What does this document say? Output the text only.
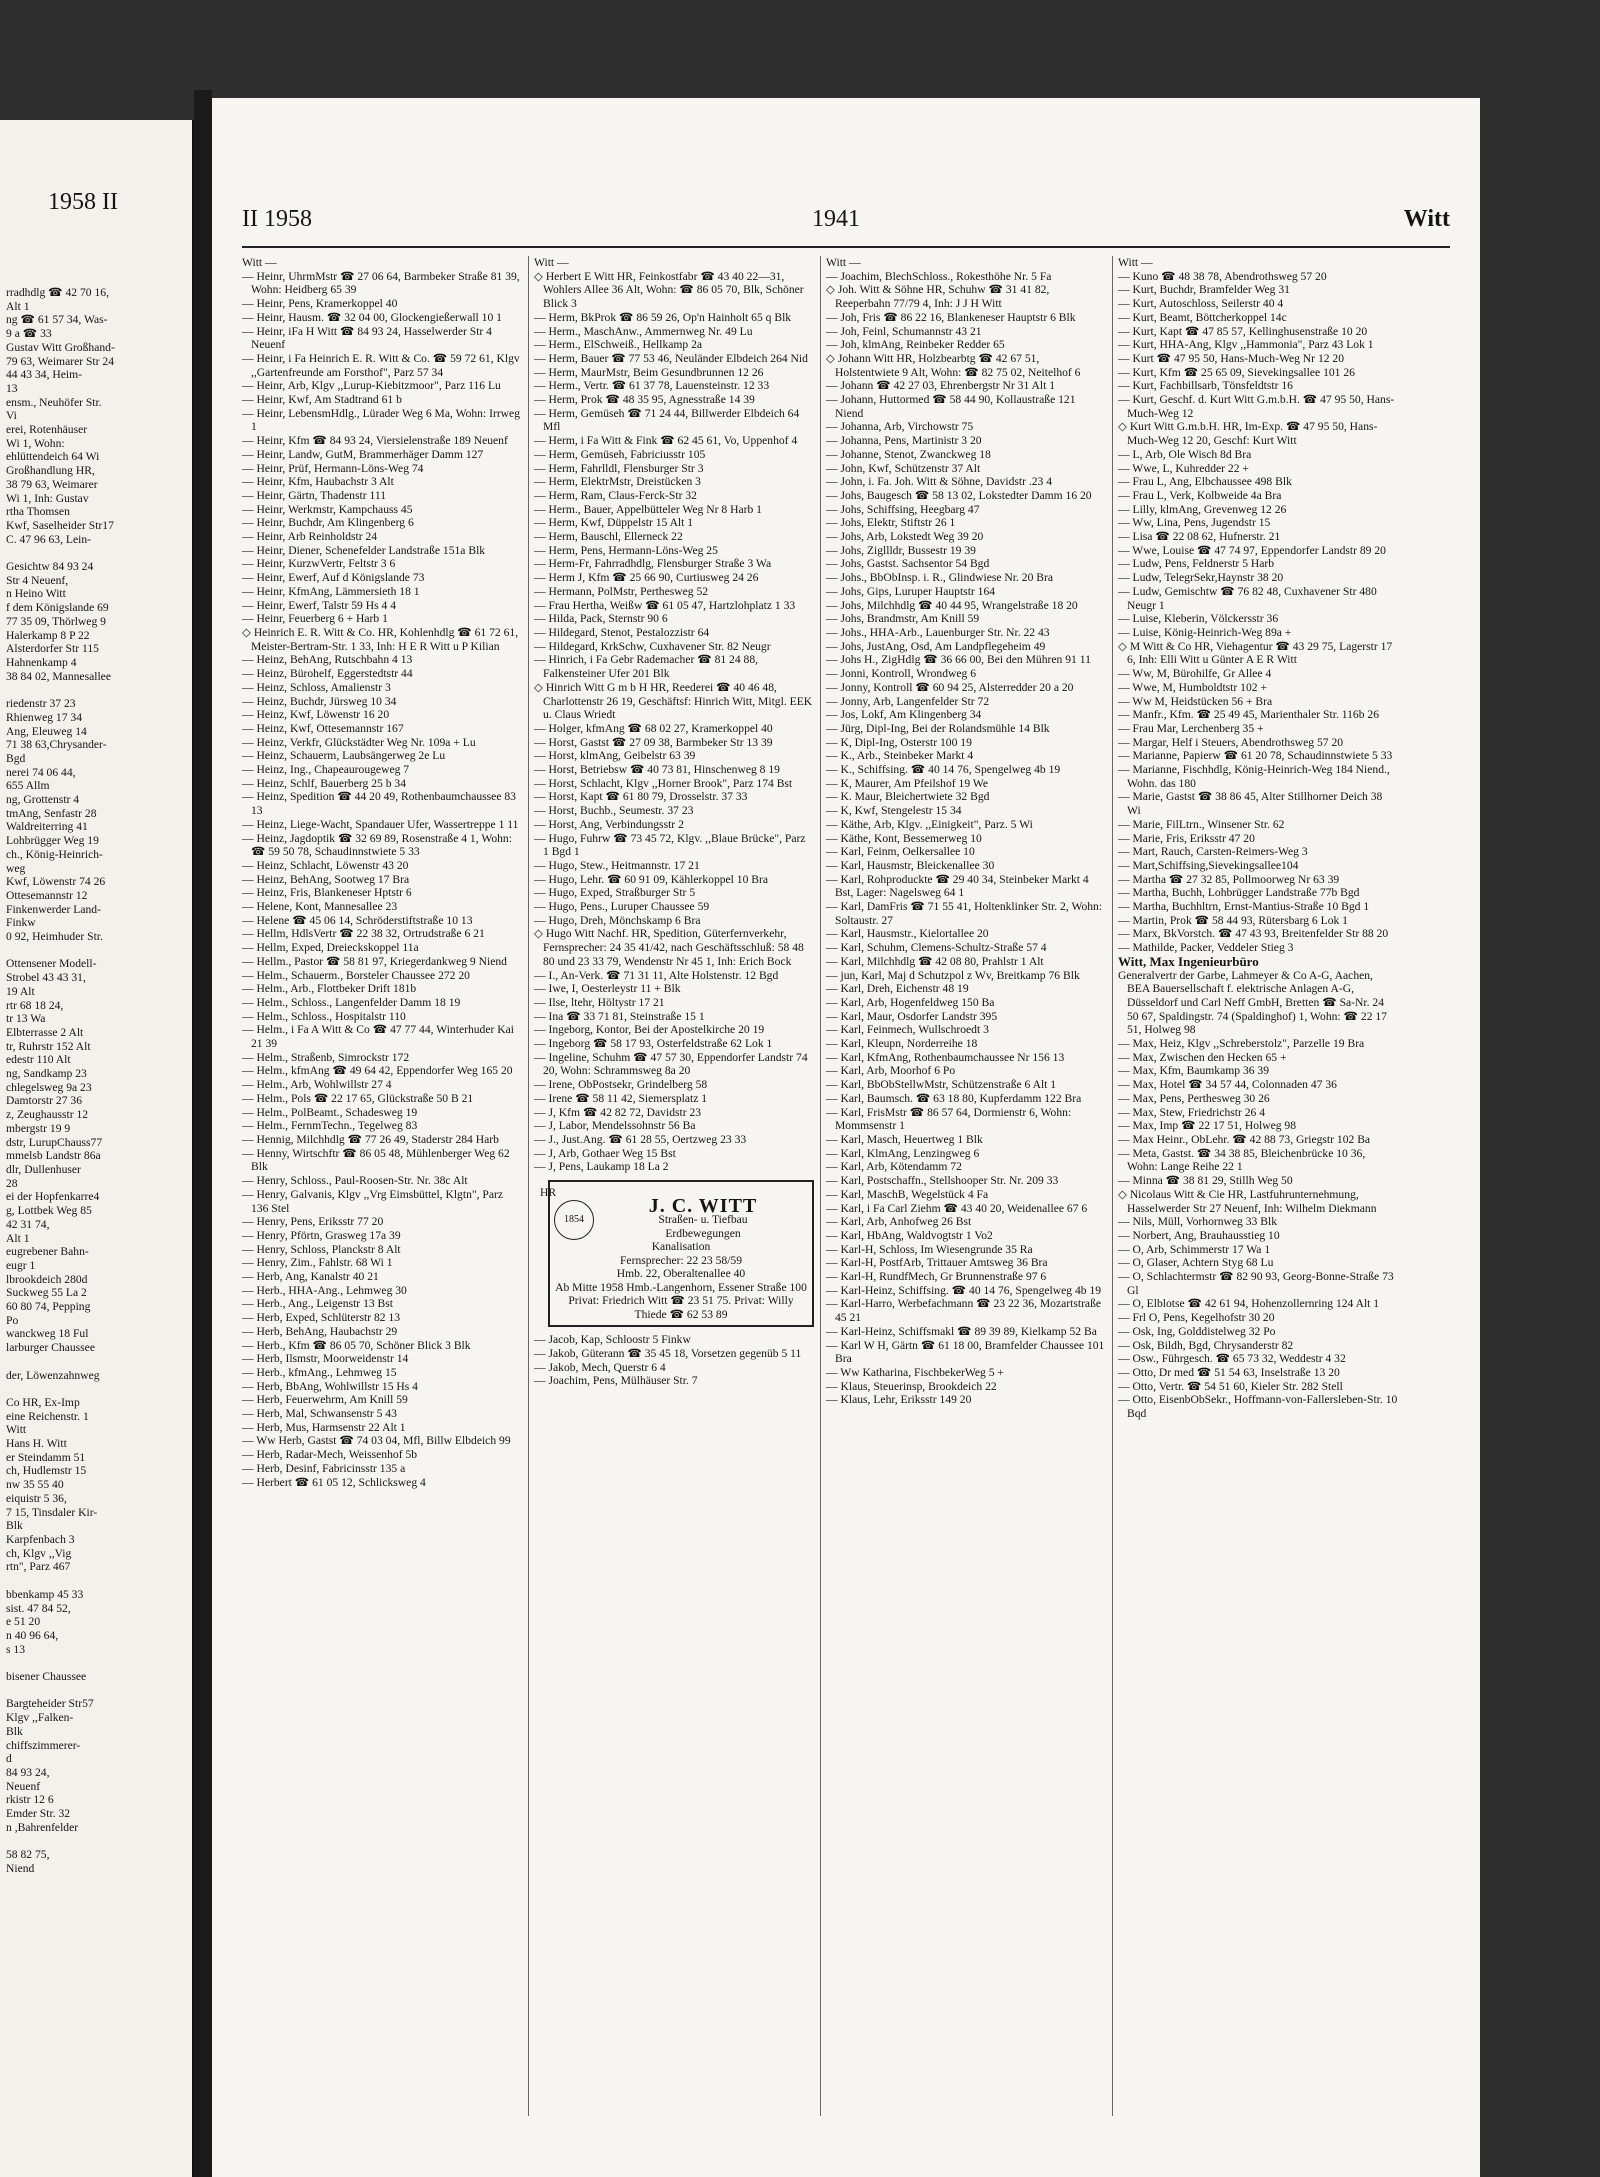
1958 II
rradhdlg ☎ 42 70 16,
Alt 1
ng ☎ 61 57 34, Was-
9 a ☎ 33
Gustav Witt Großhand-
79 63, Weimarer Str 24
44 43 34, Heim-
13
ensm., Neuhöfer Str.
Vi
erei, Rotenhäuser
Wi 1, Wohn:
ehlüttendeich 64 Wi
Großhandlung HR,
38 79 63, Weimarer
Wi 1, Inh: Gustav
rtha Thomsen
Kwf, Saselheider Str17
C. 47 96 63, Lein-

Gesichtw 84 93 24
Str 4 Neuenf,
n Heino Witt
f dem Königslande 69
77 35 09, Thörlweg 9
Halerkamp 8 P 22
Alsterdorfer Str 115
Hahnenkamp 4
38 84 02, Mannesallee

riedenstr 37 23
Rhienweg 17 34
Ang, Eleuweg 14
71 38 63,Chrysander-
Bgd
nerei 74 06 44,
655 Allm
ng, Grottenstr 4
tmAng, Senfastr 28
Waldreiterring 41
Lohbrügger Weg 19
ch., König-Heinrich-
weg
Kwf, Löwenstr 74 26
Ottesemannstr 12
Finkenwerder Land-
Finkw
0 92, Heimhuder Str.

Ottensener Modell-
Strobel 43 43 31,
19 Alt
rtr 68 18 24,
tr 13 Wa
Elbterrasse 2 Alt
tr, Ruhrstr 152 Alt
edestr 110 Alt
ng, Sandkamp 23
chlegelsweg 9a 23
Damtorstr 27 36
z, Zeughausstr 12
mbergstr 19 9
dstr, LurupChauss77
mmelsb Landstr 86a
dlr, Dullenhuser
28
ei der Hopfenkarre4
g, Lottbek Weg 85
42 31 74,
Alt 1
eugrebener Bahn-
eugr 1
lbrookdeich 280d
Suckweg 55 La 2
60 80 74, Pepping
Po
wanckweg 18 Ful
larburger Chaussee

der, Löwenzahnweg

Co HR, Ex-Imp
eine Reichenstr. 1
Witt
Hans H. Witt
er Steindamm 51
ch, Hudlemstr 15
nw 35 55 40
eiquistr 5 36,
7 15, Tinsdaler Kir-
Blk
Karpfenbach 3
ch, Klgv ,,Vig
rtn", Parz 467

bbenkamp 45 33
sist. 47 84 52,
e 51 20
n 40 96 64,
s 13

bisener Chaussee

Bargteheider Str57
Klgv ,,Falken-
Blk
chiffszimmerer-
d
84 93 24,
Neuenf
rkistr 12 6
Emder Str. 32
n ,Bahrenfelder

58 82 75,
Niend
II 1958	1941	Witt

Witt —

— Heinr, UhrmMstr ☎ 27 06 64, Barmbeker Straße 81 39, Wohn: Heidberg 65 39

— Heinr, Pens, Kramerkoppel 40

— Heinr, Hausm. ☎ 32 04 00, Glockengießerwall 10 1

— Heinr, iFa H Witt ☎ 84 93 24, Hasselwerder Str 4 Neuenf

— Heinr, i Fa Heinrich E. R. Witt & Co. ☎ 59 72 61, Klgv ,,Gartenfreunde am Forsthof", Parz 57 34

— Heinr, Arb, Klgv ,,Lurup-Kiebitzmoor", Parz 116 Lu

— Heinr, Kwf, Am Stadtrand 61 b

— Heinr, LebensmHdlg., Lürader Weg 6 Ma, Wohn: Irrweg 1

— Heinr, Kfm ☎ 84 93 24, Viersielenstraße 189 Neuenf

— Heinr, Landw, GutM, Brammerhäger Damm 127

— Heinr, Prüf, Hermann-Löns-Weg 74

— Heinr, Kfm, Haubachstr 3 Alt

— Heinr, Gärtn, Thadenstr 111

— Heinr, Werkmstr, Kampchauss 45

— Heinr, Buchdr, Am Klingenberg 6

— Heinr, Arb Reinholdstr 24

— Heinr, Diener, Schenefelder Landstraße 151a Blk

— Heinr, KurzwVertr, Feltstr 3 6

— Heinr, Ewerf, Auf d Königslande 73

— Heinr, KfmAng, Lämmersieth 18 1

— Heinr, Ewerf, Talstr 59 Hs 4 4

— Heinr, Feuerberg 6 + Harb 1

◇ Heinrich E. R. Witt & Co. HR, Kohlenhdlg ☎ 61 72 61, Meister-Bertram-Str. 1 33, Inh: H E R Witt u P Kilian

— Heinz, BehAng, Rutschbahn 4 13

— Heinz, Bürohelf, Eggerstedtstr 44

— Heinz, Schloss, Amalienstr 3

— Heinz, Buchdr, Jürsweg 10 34

— Heinz, Kwf, Löwenstr 16 20

— Heinz, Kwf, Ottesemannstr 167

— Heinz, Verkfr, Glückstädter Weg Nr. 109a + Lu

— Heinz, Schauerm, Laubsängerweg 2e Lu

— Heinz, Ing., Chapeaurougeweg 7

— Heinz, Schlf, Bauerberg 25 b 34

— Heinz, Spedition ☎ 44 20 49, Rothenbaumchaussee 83 13

— Heinz, Liege-Wacht, Spandauer Ufer, Wassertreppe 1 11

— Heinz, Jagdoptik ☎ 32 69 89, Rosenstraße 4 1, Wohn: ☎ 59 50 78, Schaudinnstwiete 5 33

— Heinz, Schlacht, Löwenstr 43 20

— Heinz, BehAng, Sootweg 17 Bra

— Heinz, Fris, Blankeneser Hptstr 6

— Helene, Kont, Mannesallee 23

— Helene ☎ 45 06 14, Schröderstiftstraße 10 13

— Hellm, HdlsVertr ☎ 22 38 32, Ortrudstraße 6 21

— Hellm, Exped, Dreieckskoppel 11a

— Hellm., Pastor ☎ 58 81 97, Kriegerdankweg 9 Niend

— Helm., Schauerm., Borsteler Chaussee 272 20

— Helm., Arb., Flottbeker Drift 181b

— Helm., Schloss., Langenfelder Damm 18 19

— Helm., Schloss., Hospitalstr 110

— Helm., i Fa A Witt & Co ☎ 47 77 44, Winterhuder Kai 21 39

— Helm., Straßenb, Simrockstr 172

— Helm., kfmAng ☎ 49 64 42, Eppendorfer Weg 165 20

— Helm., Arb, Wohlwillstr 27 4

— Helm., Pols ☎ 22 17 65, Glückstraße 50 B 21

— Helm., PolBeamt., Schadesweg 19

— Helm., FernmTechn., Tegelweg 83

— Hennig, Milchhdlg ☎ 77 26 49, Staderstr 284 Harb

— Henny, Wirtschftr ☎ 86 05 48, Mühlenberger Weg 62 Blk

— Henry, Schloss., Paul-Roosen-Str. Nr. 38c Alt

— Henry, Galvanis, Klgv ,,Vrg Eimsbüttel, Klgtn", Parz 136 Stel

— Henry, Pens, Eriksstr 77 20

— Henry, Pförtn, Grasweg 17a 39

— Henry, Schloss, Planckstr 8 Alt

— Henry, Zim., Fahlstr. 68 Wi 1

— Herb, Ang, Kanalstr 40 21

— Herb., HHA-Ang., Lehmweg 30

— Herb., Ang., Leigenstr 13 Bst

— Herb, Exped, Schlüterstr 82 13

— Herb, BehAng, Haubachstr 29

— Herb., Kfm ☎ 86 05 70, Schöner Blick 3 Blk

— Herb, Ilsmstr, Moorweidenstr 14

— Herb., kfmAng., Lehmweg 15

— Herb, BbAng, Wohlwillstr 15 Hs 4

— Herb, Feuerwehrm, Am Knill 59

— Herb, Mal, Schwansenstr 5 43

— Herb, Mus, Harmsenstr 22 Alt 1

— Ww Herb, Gastst ☎ 74 03 04, Mfl, Billw Elbdeich 99

— Herb, Radar-Mech, Weissenhof 5b

— Herb, Desinf, Fabricinsstr 135 a

— Herbert ☎ 61 05 12, Schlicksweg 4

Witt —

◇ Herbert E Witt HR, Feinkostfabr ☎ 43 40 22—31, Wohlers Allee 36 Alt, Wohn: ☎ 86 05 70, Blk, Schöner Blick 3

— Herm, BkProk ☎ 86 59 26, Op'n Hainholt 65 q Blk

— Herm., MaschAnw., Ammernweg Nr. 49 Lu

— Herm., ElSchweiß., Hellkamp 2a

— Herm, Bauer ☎ 77 53 46, Neuländer Elbdeich 264 Nid

— Herm, MaurMstr, Beim Gesundbrunnen 12 26

— Herm., Vertr. ☎ 61 37 78, Lauensteinstr. 12 33

— Herm, Prok ☎ 48 35 95, Agnesstraße 14 39

— Herm, Gemüseh ☎ 71 24 44, Billwerder Elbdeich 64 Mfl

— Herm, i Fa Witt & Fink ☎ 62 45 61, Vo, Uppenhof 4

— Herm, Gemüseh, Fabriciusstr 105

— Herm, Fahrlldl, Flensburger Str 3

— Herm, ElektrMstr, Dreistücken 3

— Herm, Ram, Claus-Ferck-Str 32

— Herm., Bauer, Appelbütteler Weg Nr 8 Harb 1

— Herm, Kwf, Düppelstr 15 Alt 1

— Herm, Bauschl, Ellerneck 22

— Herm, Pens, Hermann-Löns-Weg 25

— Herm-Fr, Fahrradhdlg, Flensburger Straße 3 Wa

— Herm J, Kfm ☎ 25 66 90, Curtiusweg 24 26

— Hermann, PolMstr, Perthesweg 52

— Frau Hertha, Weißw ☎ 61 05 47, Hartzlohplatz 1 33

— Hilda, Pack, Sternstr 90 6

— Hildegard, Stenot, Pestalozzistr 64

— Hildegard, KrkSchw, Cuxhavener Str. 82 Neugr

— Hinrich, i Fa Gebr Rademacher ☎ 81 24 88, Falkensteiner Ufer 201 Blk

◇ Hinrich Witt G m b H HR, Reederei ☎ 40 46 48, Charlottenstr 26 19, Geschäftsf: Hinrich Witt, Mitgl. EEK u. Claus Wriedt

— Holger, kfmAng ☎ 68 02 27, Kramerkoppel 40

— Horst, Gastst ☎ 27 09 38, Barmbeker Str 13 39

— Horst, klmAng, Geibelstr 63 39

— Horst, Betriebsw ☎ 40 73 81, Hinschenweg 8 19

— Horst, Schlacht, Klgv ,,Horner Brook", Parz 174 Bst

— Horst, Kapt ☎ 61 80 79, Drosselstr. 37 33

— Horst, Buchb., Seumestr. 37 23

— Horst, Ang, Verbindungsstr 2

— Hugo, Fuhrw ☎ 73 45 72, Klgv. ,,Blaue Brücke", Parz 1 Bgd 1

— Hugo, Stew., Heitmannstr. 17 21

— Hugo, Lehr. ☎ 60 91 09, Kählerkoppel 10 Bra

— Hugo, Exped, Straßburger Str 5

— Hugo, Pens., Luruper Chaussee 59

— Hugo, Dreh, Mönchskamp 6 Bra

◇ Hugo Witt Nachf. HR, Spedition, Güterfernverkehr, Fernsprecher: 24 35 41/42, nach Geschäftsschluß: 58 48 80 und 23 33 79, Wendenstr Nr 45 1, Inh: Erich Bock

— I., An-Verk. ☎ 71 31 11, Alte Holstenstr. 12 Bgd

— Iwe, I, Oesterleystr 11 + Blk

— Ilse, ltehr, Höltystr 17 21

— Ina ☎ 33 71 81, Steinstraße 15 1

— Ingeborg, Kontor, Bei der Apostelkirche 20 19

— Ingeborg ☎ 58 17 93, Osterfeldstraße 62 Lok 1

— Ingeline, Schuhm ☎ 47 57 30, Eppendorfer Landstr 74 20, Wohn: Schrammsweg 8a 20

— Irene, ObPostsekr, Grindelberg 58

— Irene ☎ 58 11 42, Siemersplatz 1

— J, Kfm ☎ 42 82 72, Davidstr 23

— J, Labor, Mendelssohnstr 56 Ba

— J., Just.Ang. ☎ 61 28 55, Oertzweg 23 33

— J, Arb, Gothaer Weg 15 Bst

— J, Pens, Laukamp 18 La 2

HR
1854
J. C. WITT
Straßen- u. Tiefbau
Erdbewegungen
Kanalisation
Fernsprecher: 22 23 58/59
Hmb. 22, Oberaltenallee 40
Ab Mitte 1958 Hmb.-Langenhorn, Essener Straße 100
Privat: Friedrich Witt ☎ 23 51 75. Privat: Willy Thiede ☎ 62 53 89

— Jacob, Kap, Schloostr 5 Finkw

— Jakob, Güterann ☎ 35 45 18, Vorsetzen gegenüb 5 11

— Jakob, Mech, Querstr 6 4

— Joachim, Pens, Mülhäuser Str. 7

Witt —

— Joachim, BlechSchloss., Rokesthöhe Nr. 5 Fa

◇ Joh. Witt & Söhne HR, Schuhw ☎ 31 41 82, Reeperbahn 77/79 4, Inh: J J H Witt

— Joh, Fris ☎ 86 22 16, Blankeneser Hauptstr 6 Blk

— Joh, Feinl, Schumannstr 43 21

— Joh, klmAng, Reinbeker Redder 65

◇ Johann Witt HR, Holzbearbtg ☎ 42 67 51, Holstentwiete 9 Alt, Wohn: ☎ 82 75 02, Neitelhof 6

— Johann ☎ 42 27 03, Ehrenbergstr Nr 31 Alt 1

— Johann, Huttormed ☎ 58 44 90, Kollaustraße 121 Niend

— Johanna, Arb, Virchowstr 75

— Johanna, Pens, Martinistr 3 20

— Johanne, Stenot, Zwanckweg 18

— John, Kwf, Schützenstr 37 Alt

— John, i. Fa. Joh. Witt & Söhne, Davidstr .23 4

— Johs, Baugesch ☎ 58 13 02, Lokstedter Damm 16 20

— Johs, Schiffsing, Heegbarg 47

— Johs, Elektr, Stiftstr 26 1

— Johs, Arb, Lokstedt Weg 39 20

— Johs, Zigllldr, Bussestr 19 39

— Johs, Gastst. Sachsentor 54 Bgd

— Johs., BbObInsp. i. R., Glindwiese Nr. 20 Bra

— Johs, Gips, Luruper Hauptstr 164

— Johs, Milchhdlg ☎ 40 44 95, Wrangelstraße 18 20

— Johs, Brandmstr, Am Knill 59

— Johs., HHA-Arb., Lauenburger Str. Nr. 22 43

— Johs, JustAng, Osd, Am Landpflegeheim 49

— Johs H., ZigHdlg ☎ 36 66 00, Bei den Mühren 91 11

— Jonni, Kontroll, Wrondweg 6

— Jonny, Kontroll ☎ 60 94 25, Alsterredder 20 a 20

— Jonny, Arb, Langenfelder Str 72

— Jos, Lokf, Am Klingenberg 34

— Jürg, Dipl-Ing, Bei der Rolandsmühle 14 Blk

— K, Dipl-Ing, Osterstr 100 19

— K., Arb., Steinbeker Markt 4

— K., Schiffsing. ☎ 40 14 76, Spengelweg 4b 19

— K, Maurer, Am Pfeilshof 19 We

— K. Maur, Bleichertwiete 32 Bgd

— K, Kwf, Stengelestr 15 34

— Käthe, Arb, Klgv. ,,Einigkeit", Parz. 5 Wi

— Käthe, Kont, Bessemerweg 10

— Karl, Feinm, Oelkersallee 10

— Karl, Hausmstr, Bleickenallee 30

— Karl, Rohproduckte ☎ 29 40 34, Steinbeker Markt 4 Bst, Lager: Nagelsweg 64 1

— Karl, DamFris ☎ 71 55 41, Holtenklinker Str. 2, Wohn: Soltaustr. 27

— Karl, Hausmstr., Kielortallee 20

— Karl, Schuhm, Clemens-Schultz-Straße 57 4

— Karl, Milchhdlg ☎ 42 08 80, Prahlstr 1 Alt

— jun, Karl, Maj d Schutzpol z Wv, Breitkamp 76 Blk

— Karl, Dreh, Eichenstr 48 19

— Karl, Arb, Hogenfeldweg 150 Ba

— Karl, Maur, Osdorfer Landstr 395

— Karl, Feinmech, Wullschroedt 3

— Karl, Kleupn, Norderreihe 18

— Karl, KfmAng, Rothenbaumchaussee Nr 156 13

— Karl, Arb, Moorhof 6 Po

— Karl, BbObStellwMstr, Schützenstraße 6 Alt 1

— Karl, Baumsch. ☎ 63 18 80, Kupferdamm 122 Bra

— Karl, FrisMstr ☎ 86 57 64, Dormienstr 6, Wohn: Mommsenstr 1

— Karl, Masch, Heuertweg 1 Blk

— Karl, KlmAng, Lenzingweg 6

— Karl, Arb, Kötendamm 72

— Karl, Postschaffn., Stellshooper Str. Nr. 209 33

— Karl, MaschB, Wegelstück 4 Fa

— Karl, i Fa Carl Ziehm ☎ 43 40 20, Weidenallee 67 6

— Karl, Arb, Anhofweg 26 Bst

— Karl, HbAng, Waldvogtstr 1 Vo2

— Karl-H, Schloss, Im Wiesengrunde 35 Ra

— Karl-H, PostfArb, Trittauer Amtsweg 36 Bra

— Karl-H, RundfMech, Gr Brunnenstraße 97 6

— Karl-Heinz, Schiffsing. ☎ 40 14 76, Spengelweg 4b 19

— Karl-Harro, Werbefachmann ☎ 23 22 36, Mozartstraße 45 21

— Karl-Heinz, Schiffsmakl ☎ 89 39 89, Kielkamp 52 Ba

— Karl W H, Gärtn ☎ 61 18 00, Bramfelder Chaussee 101 Bra

— Ww Katharina, FischbekerWeg 5 +

— Klaus, Steuerinsp, Brookdeich 22

— Klaus, Lehr, Eriksstr 149 20

Witt —

— Kuno ☎ 48 38 78, Abendrothsweg 57 20

— Kurt, Buchdr, Bramfelder Weg 31

— Kurt, Autoschloss, Seilerstr 40 4

— Kurt, Beamt, Böttcherkoppel 14c

— Kurt, Kapt ☎ 47 85 57, Kellinghusenstraße 10 20

— Kurt, HHA-Ang, Klgv ,,Hammonia", Parz 43 Lok 1

— Kurt ☎ 47 95 50, Hans-Much-Weg Nr 12 20

— Kurt, Kfm ☎ 25 65 09, Sievekingsallee 101 26

— Kurt, Fachbillsarb, Tönsfeldtstr 16

— Kurt, Geschf. d. Kurt Witt G.m.b.H. ☎ 47 95 50, Hans-Much-Weg 12

◇ Kurt Witt G.m.b.H. HR, Im-Exp. ☎ 47 95 50, Hans-Much-Weg 12 20, Geschf: Kurt Witt

— L, Arb, Ole Wisch 8d Bra

— Wwe, L, Kuhredder 22 +

— Frau L, Ang, Elbchaussee 498 Blk

— Frau L, Verk, Kolbweide 4a Bra

— Lilly, klmAng, Grevenweg 12 26

— Ww, Lina, Pens, Jugendstr 15

— Lisa ☎ 22 08 62, Hufnerstr. 21

— Wwe, Louise ☎ 47 74 97, Eppendorfer Landstr 89 20

— Ludw, Pens, Feldnerstr 5 Harb

— Ludw, TelegrSekr,Haynstr 38 20

— Ludw, Gemischtw ☎ 76 82 48, Cuxhavener Str 480 Neugr 1

— Luise, Kleberin, Völckersstr 36

— Luise, König-Heinrich-Weg 89a +

◇ M Witt & Co HR, Viehagentur ☎ 43 29 75, Lagerstr 17 6, Inh: Elli Witt u Günter A E R Witt

— Ww, M, Bürohilfe, Gr Allee 4

— Wwe, M, Humboldtstr 102 +

— Ww M, Heidstücken 56 + Bra

— Manfr., Kfm. ☎ 25 49 45, Marienthaler Str. 116b 26

— Frau Mar, Lerchenberg 35 +

— Margar, Helf i Steuers, Abendrothsweg 57 20

— Marianne, Papierw ☎ 61 20 78, Schaudinnstwiete 5 33

— Marianne, Fischhdlg, König-Heinrich-Weg 184 Niend., Wohn. das 180

— Marie, Gastst ☎ 38 86 45, Alter Stillhorner Deich 38 Wi

— Marie, FilLtrn., Winsener Str. 62

— Marie, Fris, Eriksstr 47 20

— Mart, Rauch, Carsten-Reimers-Weg 3

— Mart,Schiffsing,Sievekingsallee104

— Martha ☎ 27 32 85, Pollmoorweg Nr 63 39

— Martha, Buchh, Lohbrügger Landstraße 77b Bgd

— Martha, Buchhltrn, Ernst-Mantius-Straße 10 Bgd 1

— Martin, Prok ☎ 58 44 93, Rütersbarg 6 Lok 1

— Marx, BkVorstch. ☎ 47 43 93, Breitenfelder Str 88 20

— Mathilde, Packer, Veddeler Stieg 3

Witt, Max Ingenieurbüro

Generalvertr der Garbe, Lahmeyer & Co A-G, Aachen, BEA Bauersellschaft f. elektrische Anlagen A-G, Düsseldorf und Carl Neff GmbH, Bretten ☎ Sa-Nr. 24 50 67, Spaldingstr. 74 (Spaldinghof) 1, Wohn: ☎ 22 17 51, Holweg 98

— Max, Heiz, Klgv ,,Schreberstolz", Parzelle 19 Bra

— Max, Zwischen den Hecken 65 +

— Max, Kfm, Baumkamp 36 39

— Max, Hotel ☎ 34 57 44, Colonnaden 47 36

— Max, Pens, Perthesweg 30 26

— Max, Stew, Friedrichstr 26 4

— Max, Imp ☎ 22 17 51, Holweg 98

— Max Heinr., ObLehr. ☎ 42 88 73, Griegstr 102 Ba

— Meta, Gastst. ☎ 34 38 85, Bleichenbrücke 10 36, Wohn: Lange Reihe 22 1

— Minna ☎ 38 81 29, Stillh Weg 50

◇ Nicolaus Witt & Cie HR, Lastfuhrunternehmung, Hasselwerder Str 27 Neuenf, Inh: Wilhelm Diekmann

— Nils, Müll, Vorhornweg 33 Blk

— Norbert, Ang, Brauhausstieg 10

— O, Arb, Schimmerstr 17 Wa 1

— O, Glaser, Achtern Styg 68 Lu

— O, Schlachtermstr ☎ 82 90 93, Georg-Bonne-Straße 73 Gl

— O, Elblotse ☎ 42 61 94, Hohenzollernring 124 Alt 1

— Frl O, Pens, Kegelhofstr 30 20

— Osk, Ing, Golddistelweg 32 Po

— Osk, Bildh, Bgd, Chrysanderstr 82

— Osw., Führgesch. ☎ 65 73 32, Weddestr 4 32

— Otto, Dr med ☎ 51 54 63, Inselstraße 13 20

— Otto, Vertr. ☎ 54 51 60, Kieler Str. 282 Stell

— Otto, EisenbObSekr., Hoffmann-von-Fallersleben-Str. 10 Bqd
